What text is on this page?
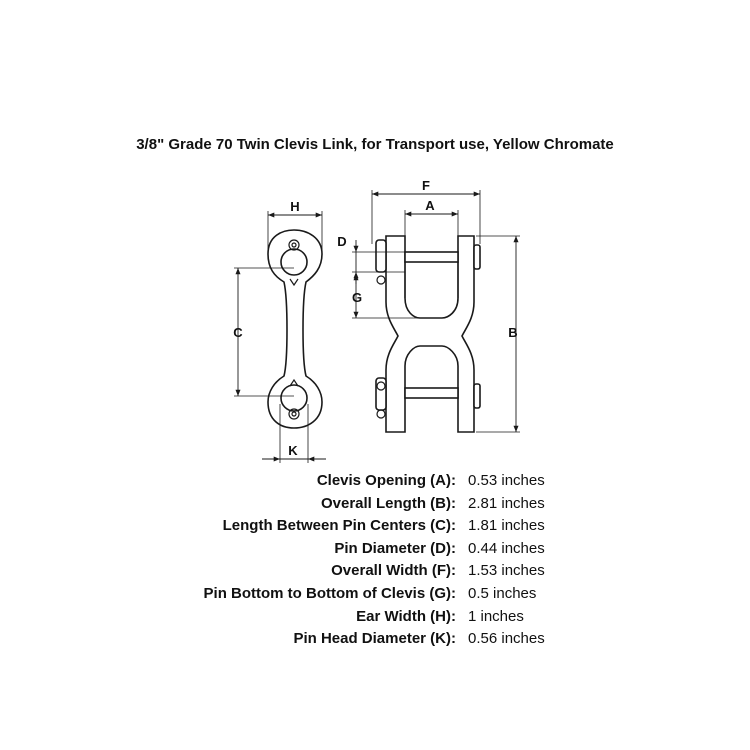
3/8" Grade 70 Twin Clevis Link, for Transport use, Yellow Chromate
H
C
K
F
A
B
D
G
Clevis Opening (A): 0.53 inches
Overall Length (B): 2.81 inches
Length Between Pin Centers (C): 1.81 inches
Pin Diameter (D): 0.44 inches
Overall Width (F): 1.53 inches
Pin Bottom to Bottom of Clevis (G): 0.5 inches
Ear Width (H): 1 inches
Pin Head Diameter (K): 0.56 inches
